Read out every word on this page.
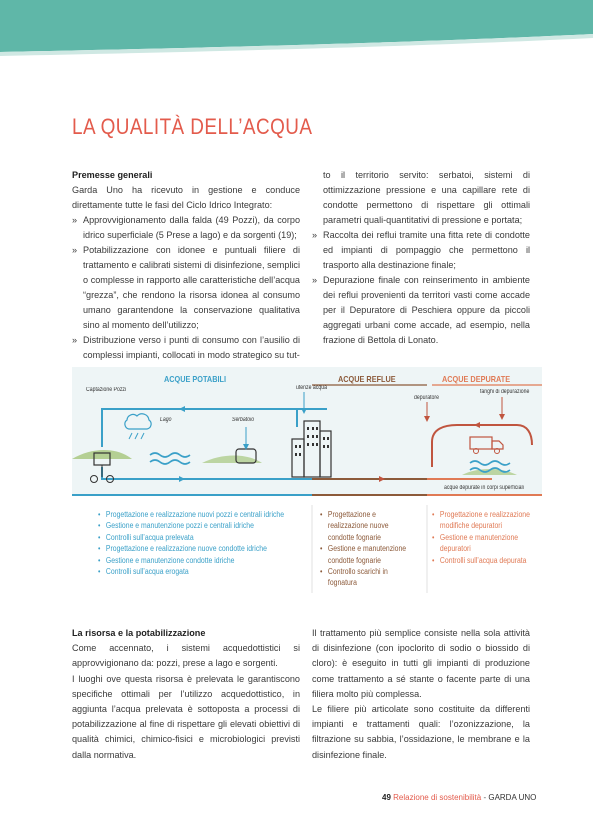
LA QUALITÀ DELL’ACQUA
Premesse generali

Garda Uno ha ricevuto in gestione e conduce direttamente tutte le fasi del Ciclo Idrico Integrato:

» Approvvigionamento dalla falda (49 Pozzi), da corpo idrico superficiale (5 Prese a lago) e da sorgenti (19);
» Potabilizzazione con idonee e puntuali filiere di trattamento e calibrati sistemi di disinfezione, semplici o complesse in rapporto alle caratteristiche dell’acqua “grezza”, che rendono la risorsa idonea al consumo umano garantendone la conservazione qualitativa sino al momento dell’utilizzo;
» Distribuzione verso i punti di consumo con l’ausilio di complessi impianti, collocati in modo strategico su tut-

to il territorio servito: serbatoi, sistemi di ottimizzazione pressione e una capillare rete di condotte permettono di rispettare gli ottimali parametri quali-quantitativi di pressione e portata;

» Raccolta dei reflui tramite una fitta rete di condotte ed impianti di pompaggio che permettono il trasporto alla destinazione finale;
» Depurazione finale con reinserimento in ambiente dei reflui provenienti da territori vasti come accade per il Depuratore di Peschiera oppure da piccoli aggregati urbani come accade, ad esempio, nella frazione di Bettola di Lonato.
ACQUE POTABILI	ACQUE REFLUE	ACQUE DEPURATE
Captazione Pozzi
Lago	Serbatoio
utenze acqua
depuratore
fanghi di depurazione
acque depurate in corpi superficiali
• Progettazione e realizzazione nuovi pozzi e centrali idriche
• Gestione e manutenzione pozzi e centrali idriche
• Controlli sull’acqua prelevata
• Progettazione e realizzazione nuove condotte idriche
• Gestione e manutenzione condotte idriche
• Controlli sull’acqua erogata
• Progettazione e realizzazione nuove condotte fognarie
• Gestione e manutenzione condotte fognarie
• Controllo scarichi in fognatura
• Progettazione e realizzazione modifiche depuratori
• Gestione e manutenzione depuratori
• Controlli sull’acqua depurata
La risorsa e la potabilizzazione

Come accennato, i sistemi acquedottistici si approvvigionano da: pozzi, prese a lago e sorgenti.

I luoghi ove questa risorsa è prelevata le garantiscono specifiche ottimali per l’utilizzo acquedottistico, in aggiunta l’acqua prelevata è sottoposta a processi di potabilizzazione al fine di rispettare gli elevati obiettivi di qualità chimici, chimico-fisici e microbiologici previsti dalla normativa.

Il trattamento più semplice consiste nella sola attività di disinfezione (con ipoclorito di sodio o biossido di cloro): è eseguito in tutti gli impianti di produzione come trattamento a sé stante o facente parte di una filiera molto più complessa.

Le filiere più articolate sono costituite da differenti impianti e trattamenti quali: l’ozonizzazione, la filtrazione su sabbia, l’ossidazione, le membrane e la disinfezione finale.

49 Relazione di sostenibilità - GARDA UNO
